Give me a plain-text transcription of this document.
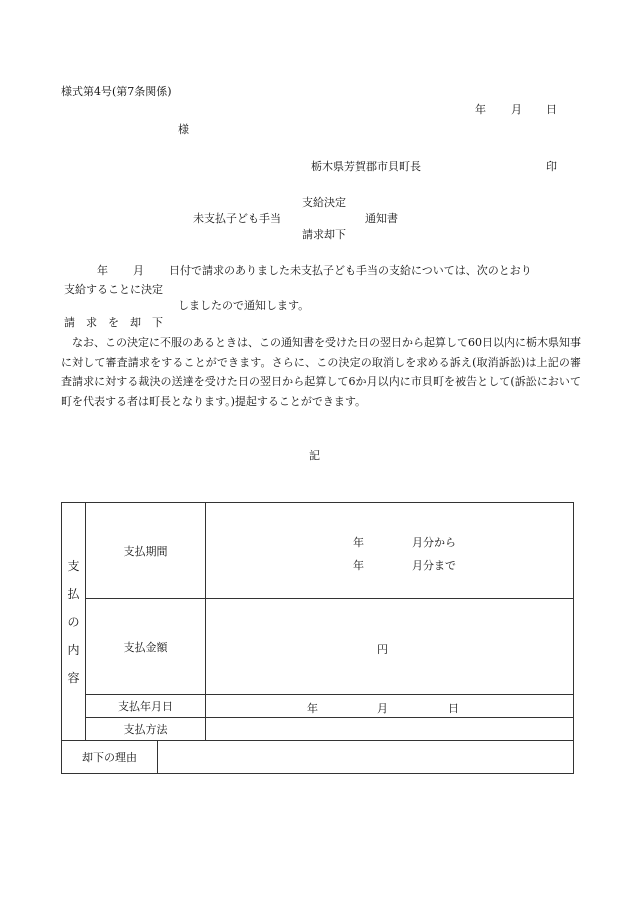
様式第4号(第7条関係)
年 月 日
様
栃木県芳賀郡市貝町長	印
支給決定
未支払子ども手当	通知書
請求却下
年 月 日付で請求のありました未支払子ども手当の支給については、次のとおり
支給することに決定
しましたので通知します。
請　求　を　却　下
なお、この決定に不服のあるときは、この通知書を受けた日の翌日から起算して60日以内に栃木県知事に対して審査請求をすることができます。さらに、この決定の取消しを求める訴え(取消訴訟)は上記の審査請求に対する裁決の送達を受けた日の翌日から起算して6か月以内に市貝町を被告として(訴訟において町を代表する者は町長となります。)提起することができます。
記
支
払
の
内
容	支払期間		年 月分から
年 月分まで

	支払金額		円

	支払年月日		年 月 日

	支払方法		
却下の理由			
